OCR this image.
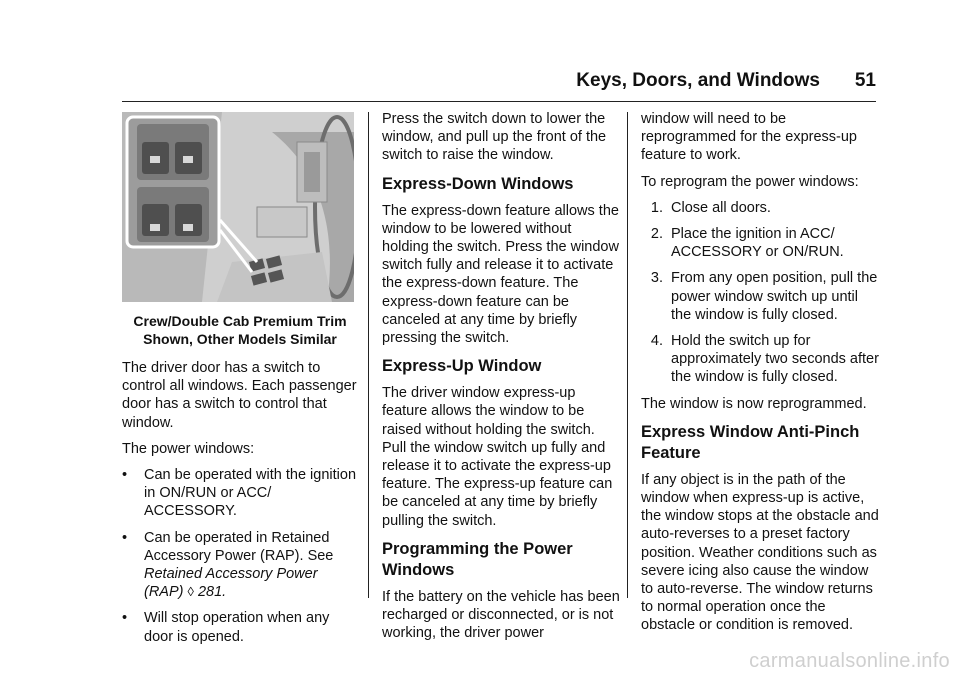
Keys, Doors, and Windows	51
Crew/Double Cab Premium Trim
Shown, Other Models Similar

The driver door has a switch to control all windows. Each passenger door has a switch to control that window.

The power windows:

•	Can be operated with the ignition in ON/RUN or ACC/ ACCESSORY.
•	Can be operated in Retained Accessory Power (RAP). See Retained Accessory Power (RAP) ◊ 281.
•	Will stop operation when any door is opened.

Press the switch down to lower the window, and pull up the front of the switch to raise the window.

Express-Down Windows

The express-down feature allows the window to be lowered without holding the switch. Press the window switch fully and release it to activate the express-down feature. The express-down feature can be canceled at any time by briefly pressing the switch.

Express-Up Window

The driver window express-up feature allows the window to be raised without holding the switch. Pull the window switch up fully and release it to activate the express-up feature. The express-up feature can be canceled at any time by briefly pulling the switch.

Programming the Power Windows

If the battery on the vehicle has been recharged or disconnected, or is not working, the driver power

window will need to be reprogrammed for the express-up feature to work.

To reprogram the power windows:

1. Close all doors.
2. Place the ignition in ACC/ ACCESSORY or ON/RUN.
3. From any open position, pull the power window switch up until the window is fully closed.
4. Hold the switch up for approximately two seconds after the window is fully closed.

The window is now reprogrammed.

Express Window Anti-Pinch Feature

If any object is in the path of the window when express-up is active, the window stops at the obstacle and auto-reverses to a preset factory position. Weather conditions such as severe icing also cause the window to auto-reverse. The window returns to normal operation once the obstacle or condition is removed.

carmanualsonline.info
